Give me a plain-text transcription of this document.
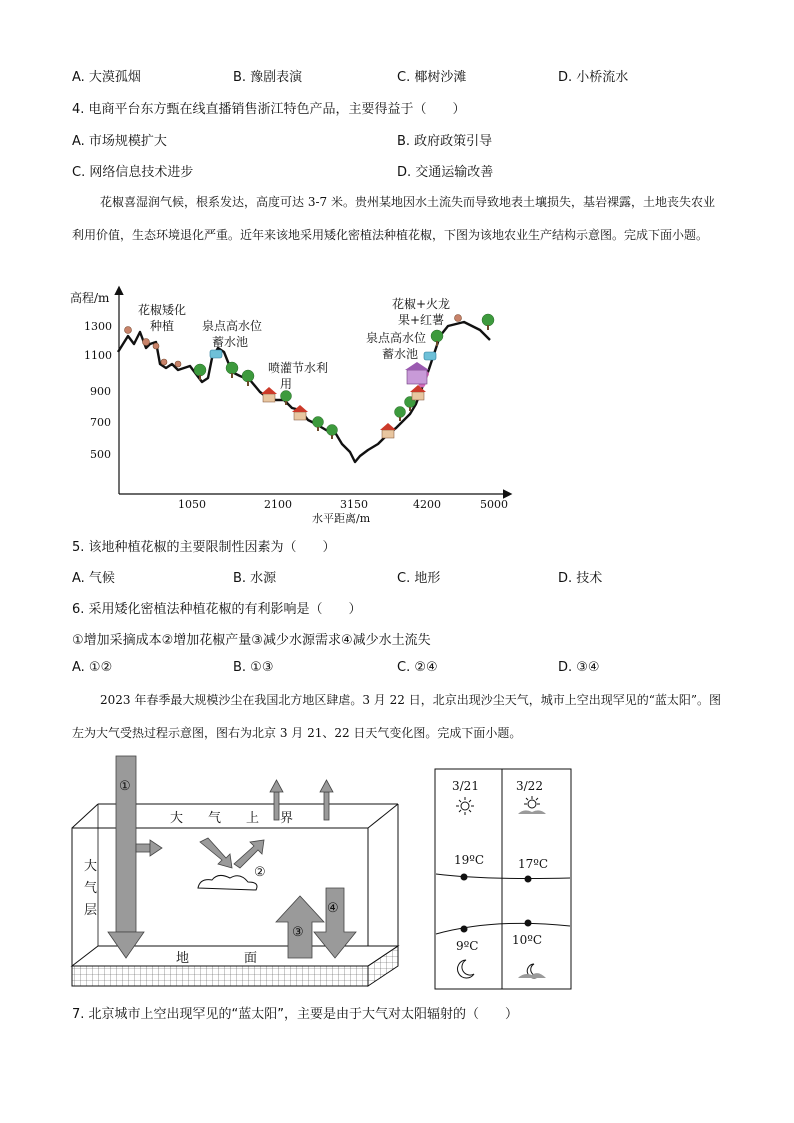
A. 大漠孤烟	B. 豫剧表演	C. 椰树沙滩	D. 小桥流水
4. 电商平台东方甄在线直播销售浙江特色产品，主要得益于（　　）
A. 市场规模扩大	B. 政府政策引导
C. 网络信息技术进步	D. 交通运输改善
花椒喜湿润气候，根系发达，高度可达 3-7 米。贵州某地因水土流失而导致地表土壤损失，基岩裸露，土地丧失农业利用价值，生态环境退化严重。近年来该地采用矮化密植法种植花椒，下图为该地农业生产结构示意图。完成下面小题。
高程/m
1300
1100
900
700
500
1050	2100	3150	4200	5000
水平距离/m
花椒矮化
种植 泉点高水位
蓄水池
喷灌节水利
用
花椒+火龙
果+红薯
泉点高水位
蓄水池
5. 该地种植花椒的主要限制性因素为（　　）
A. 气候	B. 水源	C. 地形	D. 技术
6. 采用矮化密植法种植花椒的有利影响是（　　）
①增加采摘成本②增加花椒产量③减少水源需求④减少水土流失
A. ①②	B. ①③	C. ②④	D. ③④
2023 年春季最大规模沙尘在我国北方地区肆虐。3 月 22 日，北京出现沙尘天气，城市上空出现罕见的“蓝太阳”。图左为大气受热过程示意图，图右为北京 3 月 21、22 日天气变化图。完成下面小题。
①
②
③
④
大 气 上 界
大
气
层
地	面
3/21	3/22
19ºC	17ºC
9ºC	10ºC
7. 北京城市上空出现罕见的“蓝太阳”，主要是由于大气对太阳辐射的（　　）
